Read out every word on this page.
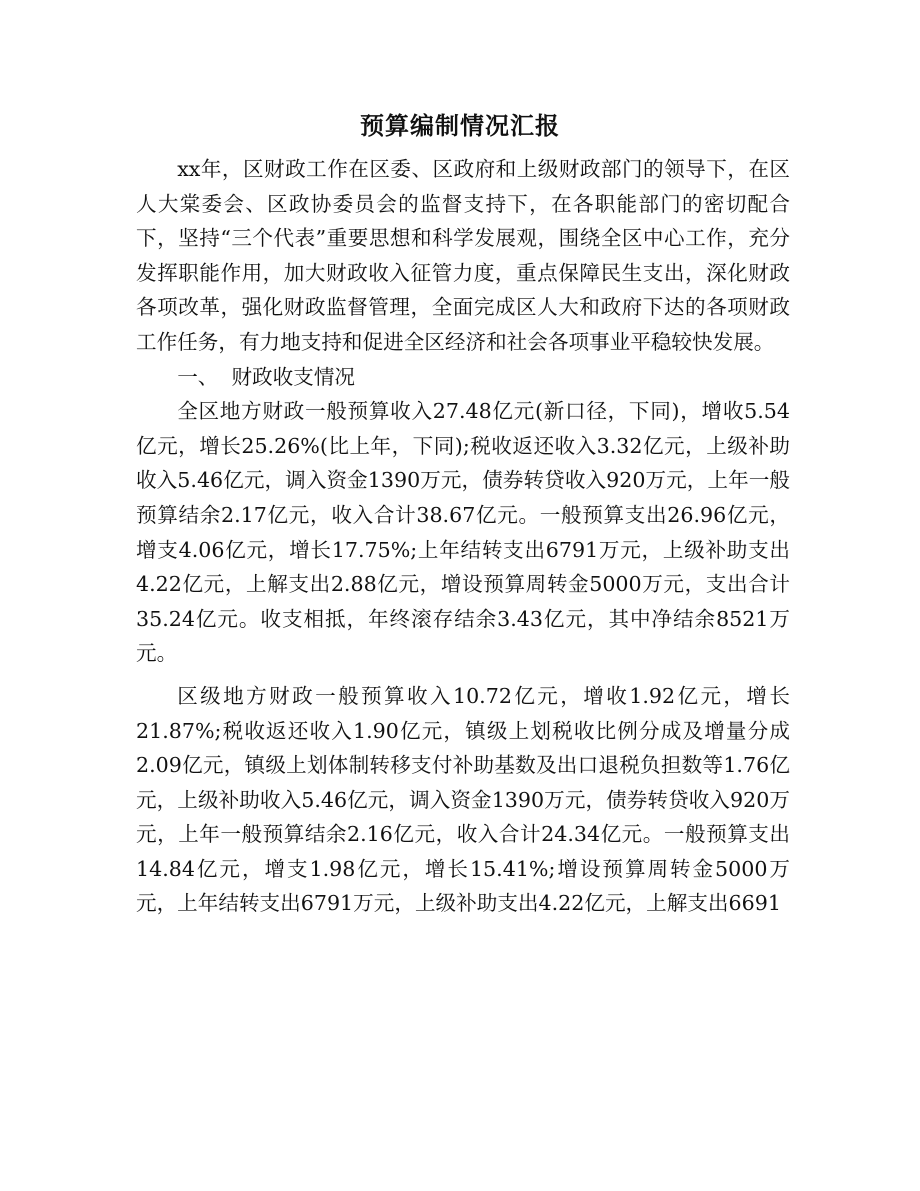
预算编制情况汇报

xx年，区财政工作在区委、区政府和上级财政部门的领导下，在区人大棠委会、区政协委员会的监督支持下，在各职能部门的密切配合下，坚持“三个代表”重要思想和科学发展观，围绕全区中心工作，充分发挥职能作用，加大财政收入征管力度，重点保障民生支出，深化财政各项改革，强化财政监督管理，全面完成区人大和政府下达的各项财政工作任务，有力地支持和促进全区经济和社会各项事业平稳较快发展。

一、  财政收支情况

全区地方财政一般预算收入27.48亿元(新口径，下同)，增收5.54亿元，增长25.26%(比上年，下同);税收返还收入3.32亿元，上级补助收入5.46亿元，调入资金1390万元，债券转贷收入920万元，上年一般预算结余2.17亿元，收入合计38.67亿元。一般预算支出26.96亿元，增支4.06亿元，增长17.75%;上年结转支出6791万元，上级补助支出4.22亿元，上解支出2.88亿元，增设预算周转金5000万元，支出合计35.24亿元。收支相抵，年终滚存结余3.43亿元，其中净结余8521万元。

区级地方财政一般预算收入10.72亿元，增收1.92亿元，增长21.87%;税收返还收入1.90亿元，镇级上划税收比例分成及增量分成2.09亿元，镇级上划体制转移支付补助基数及出口退税负担数等1.76亿元，上级补助收入5.46亿元，调入资金1390万元，债券转贷收入920万元，上年一般预算结余2.16亿元，收入合计24.34亿元。一般预算支出14.84亿元，增支1.98亿元，增长15.41%;增设预算周转金5000万元，上年结转支出6791万元，上级补助支出4.22亿元，上解支出6691
